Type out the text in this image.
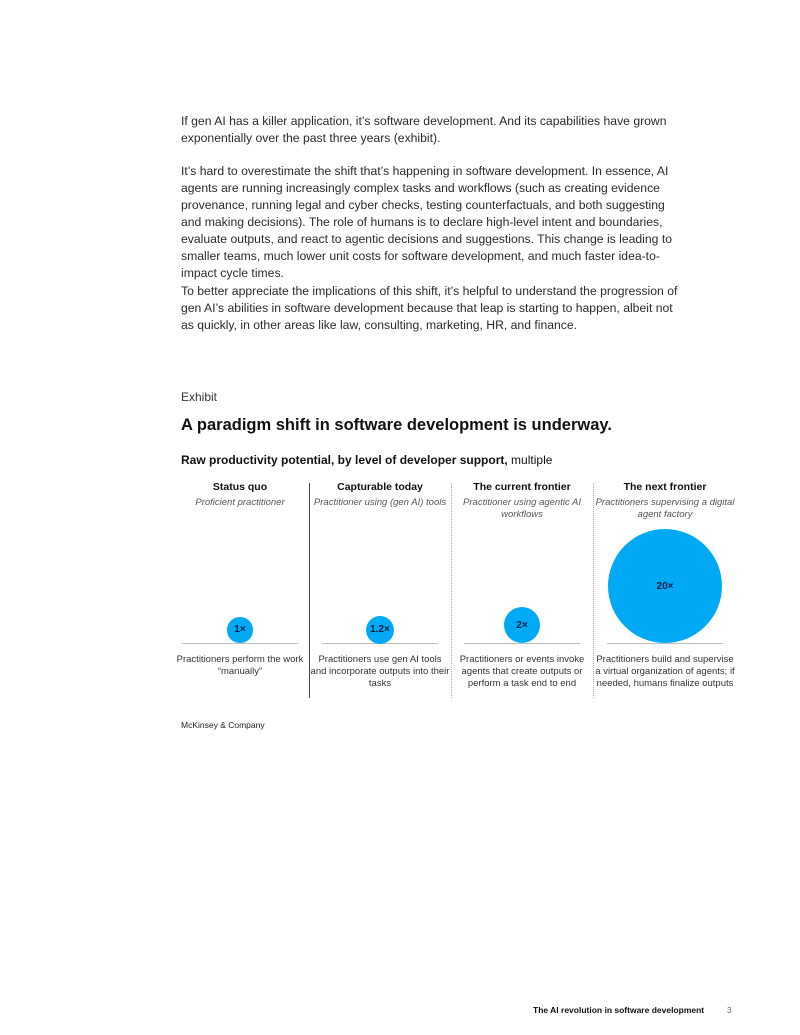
If gen AI has a killer application, it’s software development. And its capabilities have grown exponentially over the past three years (exhibit).

It’s hard to overestimate the shift that’s happening in software development. In essence, AI agents are running increasingly complex tasks and workflows (such as creating evidence provenance, running legal and cyber checks, testing counterfactuals, and both suggesting and making decisions). The role of humans is to declare high-level intent and boundaries, evaluate outputs, and react to agentic decisions and suggestions. This change is leading to smaller teams, much lower unit costs for software development, and much faster idea-to-impact cycle times.

To better appreciate the implications of this shift, it’s helpful to understand the progression of gen AI’s abilities in software development because that leap is starting to happen, albeit not as quickly, in other areas like law, consulting, marketing, HR, and finance.

Exhibit
A paradigm shift in software development is underway.
Raw productivity potential, by level of developer support, multiple
Status quo
Proficient practitioner
1×
Practitioners perform the work “manually”
Capturable today
Practitioner using (gen AI) tools
1.2×
Practitioners use gen AI tools and incorporate outputs into their tasks
The current frontier
Practitioner using agentic AI workflows
2×
Practitioners or events invoke agents that create outputs or perform a task end to end
The next frontier
Practitioners supervising a digital agent factory
20×
Practitioners build and supervise a virtual organization of agents; if needed, humans finalize outputs
McKinsey & Company
The AI revolution in software development	3
